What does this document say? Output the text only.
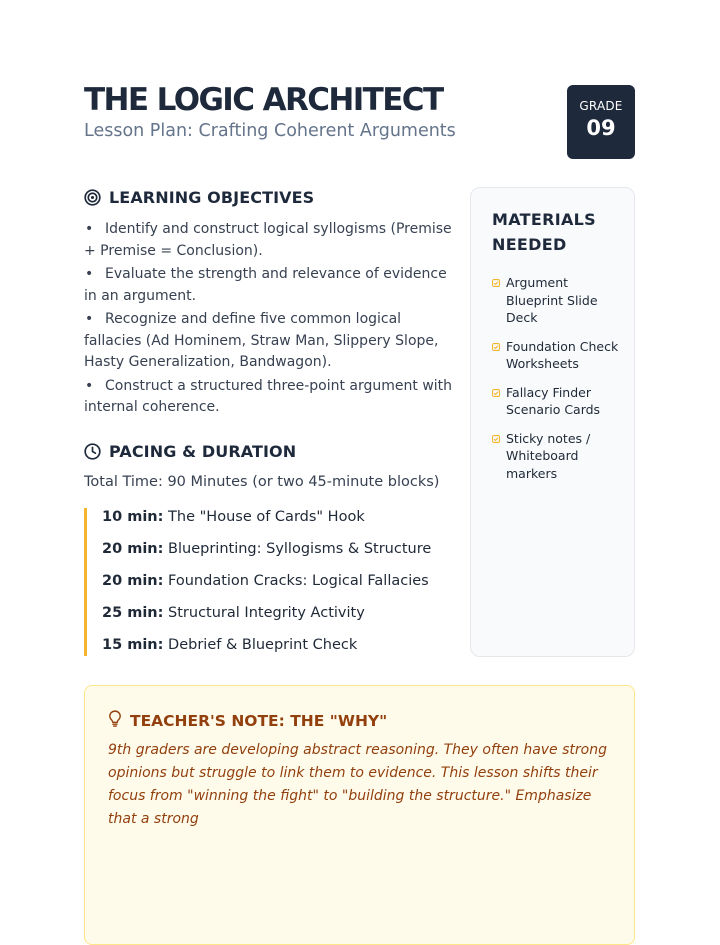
THE LOGIC ARCHITECT

Lesson Plan: Crafting Coherent Arguments

GRADE
09
LEARNING OBJECTIVES
• Identify and construct logical syllogisms (Premise + Premise = Conclusion).
• Evaluate the strength and relevance of evidence in an argument.
• Recognize and define five common logical fallacies (Ad Hominem, Straw Man, Slippery Slope, Hasty Generalization, Bandwagon).
• Construct a structured three-point argument with internal coherence.
PACING & DURATION
Total Time: 90 Minutes (or two 45-minute blocks)
10 min: The "House of Cards" Hook
20 min: Blueprinting: Syllogisms & Structure
20 min: Foundation Cracks: Logical Fallacies
25 min: Structural Integrity Activity
15 min: Debrief & Blueprint Check
MATERIALS NEEDED
Argument Blueprint Slide Deck
Foundation Check Worksheets
Fallacy Finder Scenario Cards
Sticky notes / Whiteboard markers
TEACHER'S NOTE: THE "WHY"

9th graders are developing abstract reasoning. They often have strong opinions but struggle to link them to evidence. This lesson shifts their focus from "winning the fight" to "building the structure." Emphasize that a strong
